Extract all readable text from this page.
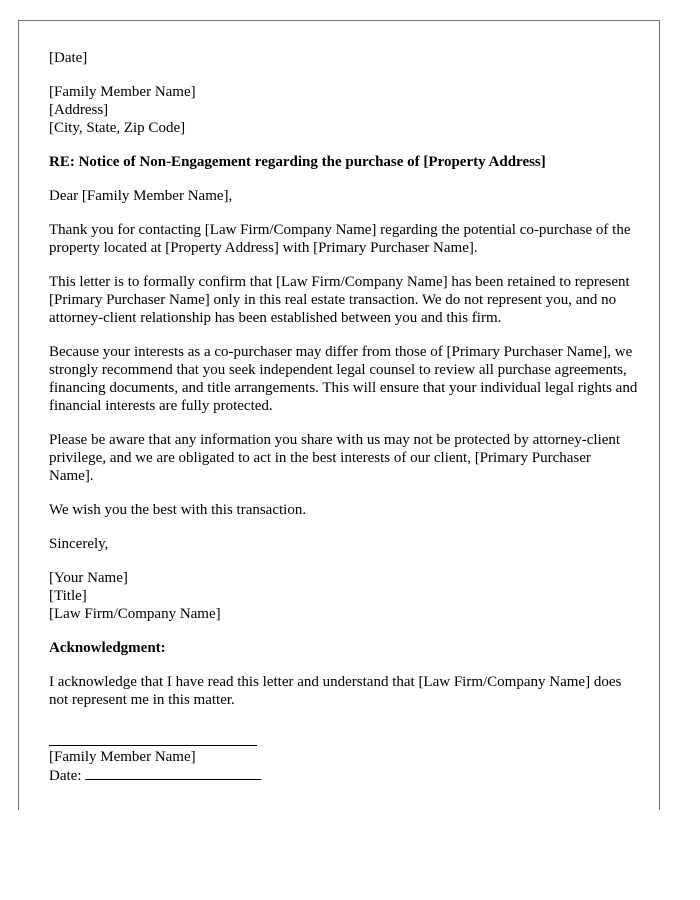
[Date]

[Family Member Name]
[Address]
[City, State, Zip Code]

RE: Notice of Non-Engagement regarding the purchase of [Property Address]

Dear [Family Member Name],

Thank you for contacting [Law Firm/Company Name] regarding the potential co-purchase of the property located at [Property Address] with [Primary Purchaser Name].

This letter is to formally confirm that [Law Firm/Company Name] has been retained to represent [Primary Purchaser Name] only in this real estate transaction. We do not represent you, and no attorney-client relationship has been established between you and this firm.

Because your interests as a co-purchaser may differ from those of [Primary Purchaser Name], we strongly recommend that you seek independent legal counsel to review all purchase agreements, financing documents, and title arrangements. This will ensure that your individual legal rights and financial interests are fully protected.

Please be aware that any information you share with us may not be protected by attorney-client privilege, and we are obligated to act in the best interests of our client, [Primary Purchaser Name].

We wish you the best with this transaction.

Sincerely,

[Your Name]
[Title]
[Law Firm/Company Name]

Acknowledgment:

I acknowledge that I have read this letter and understand that [Law Firm/Company Name] does not represent me in this matter.

[Family Member Name]
Date:
